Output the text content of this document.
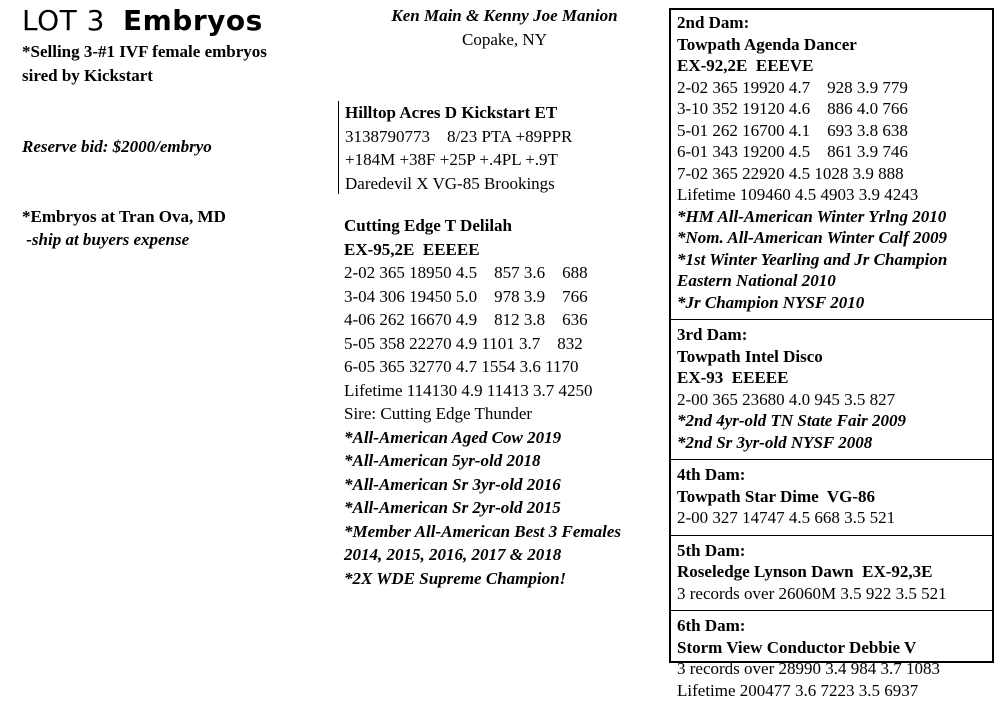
LOT 3 Embryos
*Selling 3-#1 IVF female embryos
sired by Kickstart
Reserve bid: $2000/embryo
*Embryos at Tran Ova, MD
-ship at buyers expense
Ken Main & Kenny Joe Manion
Copake, NY
Hilltop Acres D Kickstart ET
3138790773    8/23 PTA +89PPR
+184M +38F +25P +.4PL +.9T
Daredevil X VG-85 Brookings
Cutting Edge T Delilah
EX-95,2E  EEEEE
2-02 365 18950 4.5    857 3.6    688
3-04 306 19450 5.0    978 3.9    766
4-06 262 16670 4.9    812 3.8    636
5-05 358 22270 4.9 1101 3.7    832
6-05 365 32770 4.7 1554 3.6 1170
Lifetime 114130 4.9 11413 3.7 4250
Sire: Cutting Edge Thunder
*All-American Aged Cow 2019
*All-American 5yr-old 2018
*All-American Sr 3yr-old 2016
*All-American Sr 2yr-old 2015
*Member All-American Best 3 Females
2014, 2015, 2016, 2017 & 2018
*2X WDE Supreme Champion!
2nd Dam:
Towpath Agenda Dancer
EX-92,2E  EEEVE
2-02 365 19920 4.7    928 3.9 779
3-10 352 19120 4.6    886 4.0 766
5-01 262 16700 4.1    693 3.8 638
6-01 343 19200 4.5    861 3.9 746
7-02 365 22920 4.5 1028 3.9 888
Lifetime 109460 4.5 4903 3.9 4243
*HM All-American Winter Yrlng 2010
*Nom. All-American Winter Calf 2009
*1st Winter Yearling and Jr Champion
Eastern National 2010
*Jr Champion NYSF 2010
3rd Dam:
Towpath Intel Disco
EX-93  EEEEE
2-00 365 23680 4.0 945 3.5 827
*2nd 4yr-old TN State Fair 2009
*2nd Sr 3yr-old NYSF 2008
4th Dam:
Towpath Star Dime  VG-86
2-00 327 14747 4.5 668 3.5 521
5th Dam:
Roseledge Lynson Dawn  EX-92,3E
3 records over 26060M 3.5 922 3.5 521
6th Dam:
Storm View Conductor Debbie V
3 records over 28990 3.4 984 3.7 1083
Lifetime 200477 3.6 7223 3.5 6937
